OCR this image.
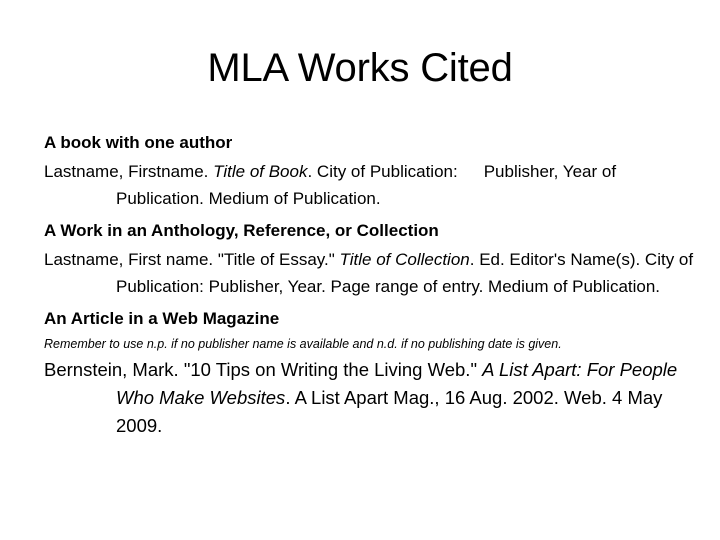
MLA Works Cited

A book with one author

Lastname, Firstname. Title of Book. City of Publication: Publisher, Year of Publication. Medium of Publication.

A Work in an Anthology, Reference, or Collection

Lastname, First name. "Title of Essay." Title of Collection. Ed. Editor's Name(s). City of Publication: Publisher, Year. Page range of entry. Medium of Publication.

An Article in a Web Magazine

Remember to use n.p. if no publisher name is available and n.d. if no publishing date is given.

Bernstein, Mark. "10 Tips on Writing the Living Web." A List Apart: For People Who Make Websites. A List Apart Mag., 16 Aug. 2002. Web. 4 May 2009.
